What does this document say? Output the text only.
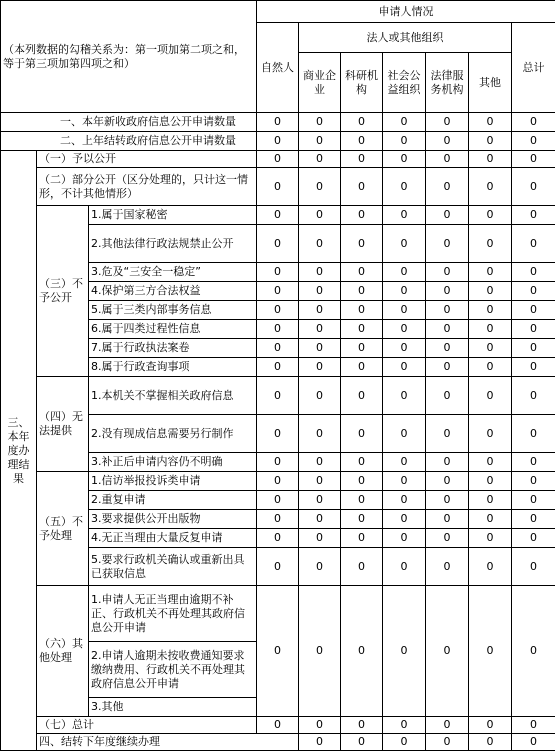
（本列数据的勾稽关系为：第一项加第二项之和，等于第三项加第四项之和）			申请人情况							
			自然人	法人或其他组织					总计	
				商业企业	科研机构	社会公益组织	法律服务机构	其他		
一、本年新收政府信息公开申请数量			0	0	0	0	0	0	0	
二、上年结转政府信息公开申请数量			0	0	0	0	0	0	0	
三、本年度办理结果	（一）予以公开		0	0	0	0	0	0	0	
	（二）部分公开（区分处理的，只计这一情形，不计其他情形）		0	0	0	0	0	0	0	
	（三）不予公开	1.属于国家秘密	0	0	0	0	0	0	0	
		2.其他法律行政法规禁止公开	0	0	0	0	0	0	0	
		3.危及“三安全一稳定”	0	0	0	0	0	0	0	
		4.保护第三方合法权益	0	0	0	0	0	0	0	
		5.属于三类内部事务信息	0	0	0	0	0	0	0	
		6.属于四类过程性信息	0	0	0	0	0	0	0	
		7.属于行政执法案卷	0	0	0	0	0	0	0	
		8.属于行政查询事项	0	0	0	0	0	0	0	
	（四）无法提供	1.本机关不掌握相关政府信息	0	0	0	0	0	0	0	
		2.没有现成信息需要另行制作	0	0	0	0	0	0	0	
		3.补正后申请内容仍不明确	0	0	0	0	0	0	0	
	（五）不予处理	1.信访举报投诉类申请	0	0	0	0	0	0	0	
		2.重复申请	0	0	0	0	0	0	0	
		3.要求提供公开出版物	0	0	0	0	0	0	0	
		4.无正当理由大量反复申请	0	0	0	0	0	0	0	
		5.要求行政机关确认或重新出具已获取信息	0	0	0	0	0	0	0	
	（六）其他处理	1.申请人无正当理由逾期不补正、行政机关不再处理其政府信息公开申请	0	0	0	0	0	0	0	
		2.申请人逾期未按收费通知要求缴纳费用、行政机关不再处理其政府信息公开申请								
		3.其他								
	（七）总计		0	0	0	0	0	0	0	
	四、结转下年度继续办理			0	0	0	0	0	0	
